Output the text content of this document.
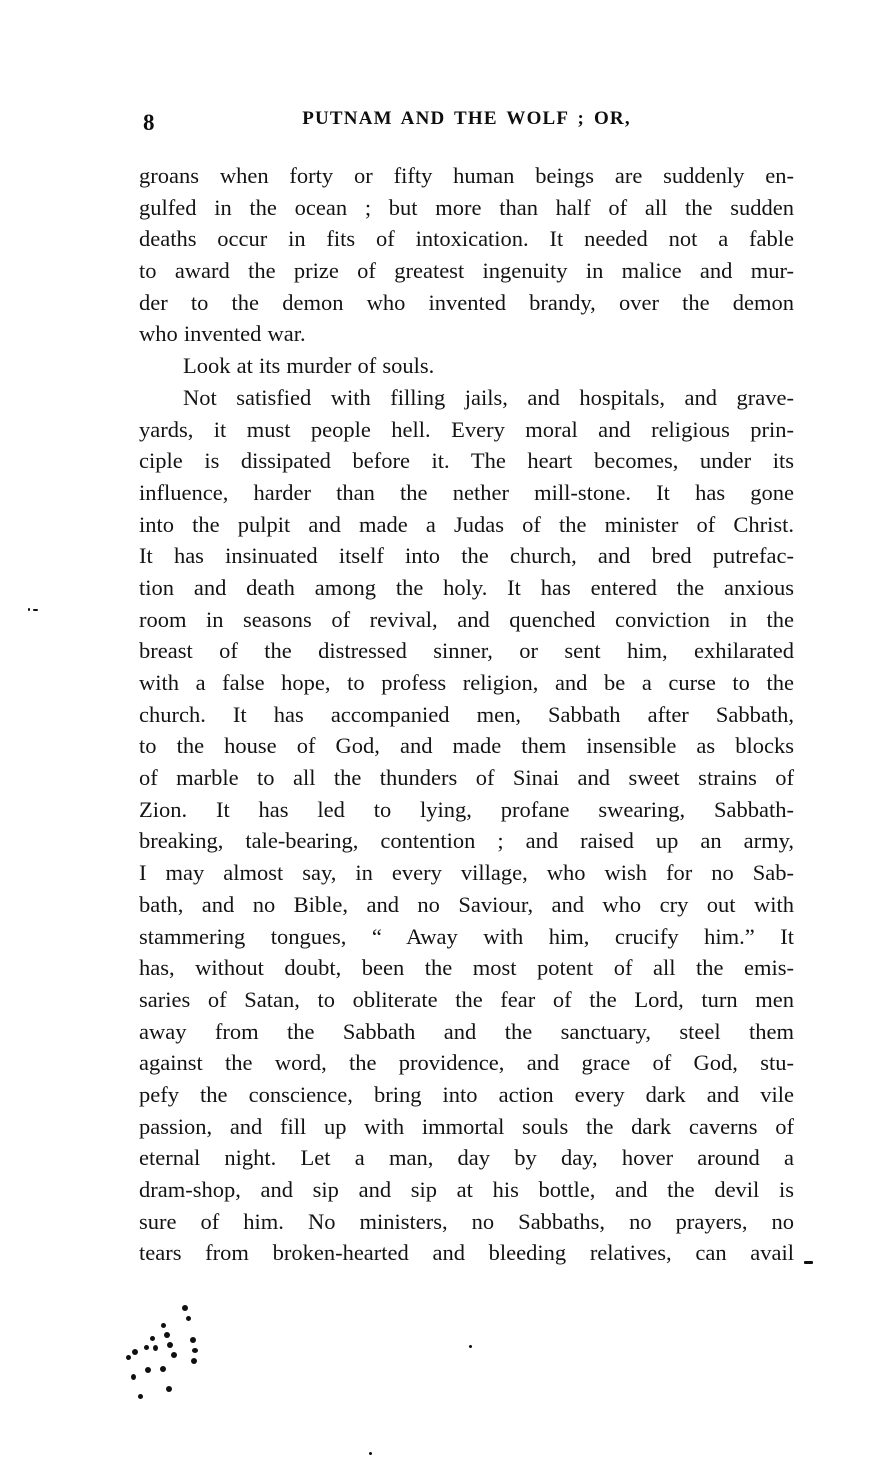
8	PUTNAM AND THE WOLF ; OR,
groans when forty or fifty human beings are suddenly en-
gulfed in the ocean ; but more than half of all the sudden
deaths occur in fits of intoxication. It needed not a fable
to award the prize of greatest ingenuity in malice and mur-
der to the demon who invented brandy, over the demon
who invented war.
Look at its murder of souls.
Not satisfied with filling jails, and hospitals, and grave-
yards, it must people hell. Every moral and religious prin-
ciple is dissipated before it. The heart becomes, under its
influence, harder than the nether mill-stone. It has gone
into the pulpit and made a Judas of the minister of Christ.
It has insinuated itself into the church, and bred putrefac-
tion and death among the holy. It has entered the anxious
room in seasons of revival, and quenched conviction in the
breast of the distressed sinner, or sent him, exhilarated
with a false hope, to profess religion, and be a curse to the
church. It has accompanied men, Sabbath after Sabbath,
to the house of God, and made them insensible as blocks
of marble to all the thunders of Sinai and sweet strains of
Zion. It has led to lying, profane swearing, Sabbath-
breaking, tale-bearing, contention ; and raised up an army,
I may almost say, in every village, who wish for no Sab-
bath, and no Bible, and no Saviour, and who cry out with
stammering tongues, “ Away with him, crucify him.” It
has, without doubt, been the most potent of all the emis-
saries of Satan, to obliterate the fear of the Lord, turn men
away from the Sabbath and the sanctuary, steel them
against the word, the providence, and grace of God, stu-
pefy the conscience, bring into action every dark and vile
passion, and fill up with immortal souls the dark caverns of
eternal night. Let a man, day by day, hover around a
dram-shop, and sip and sip at his bottle, and the devil is
sure of him. No ministers, no Sabbaths, no prayers, no
tears from broken-hearted and bleeding relatives, can avail
